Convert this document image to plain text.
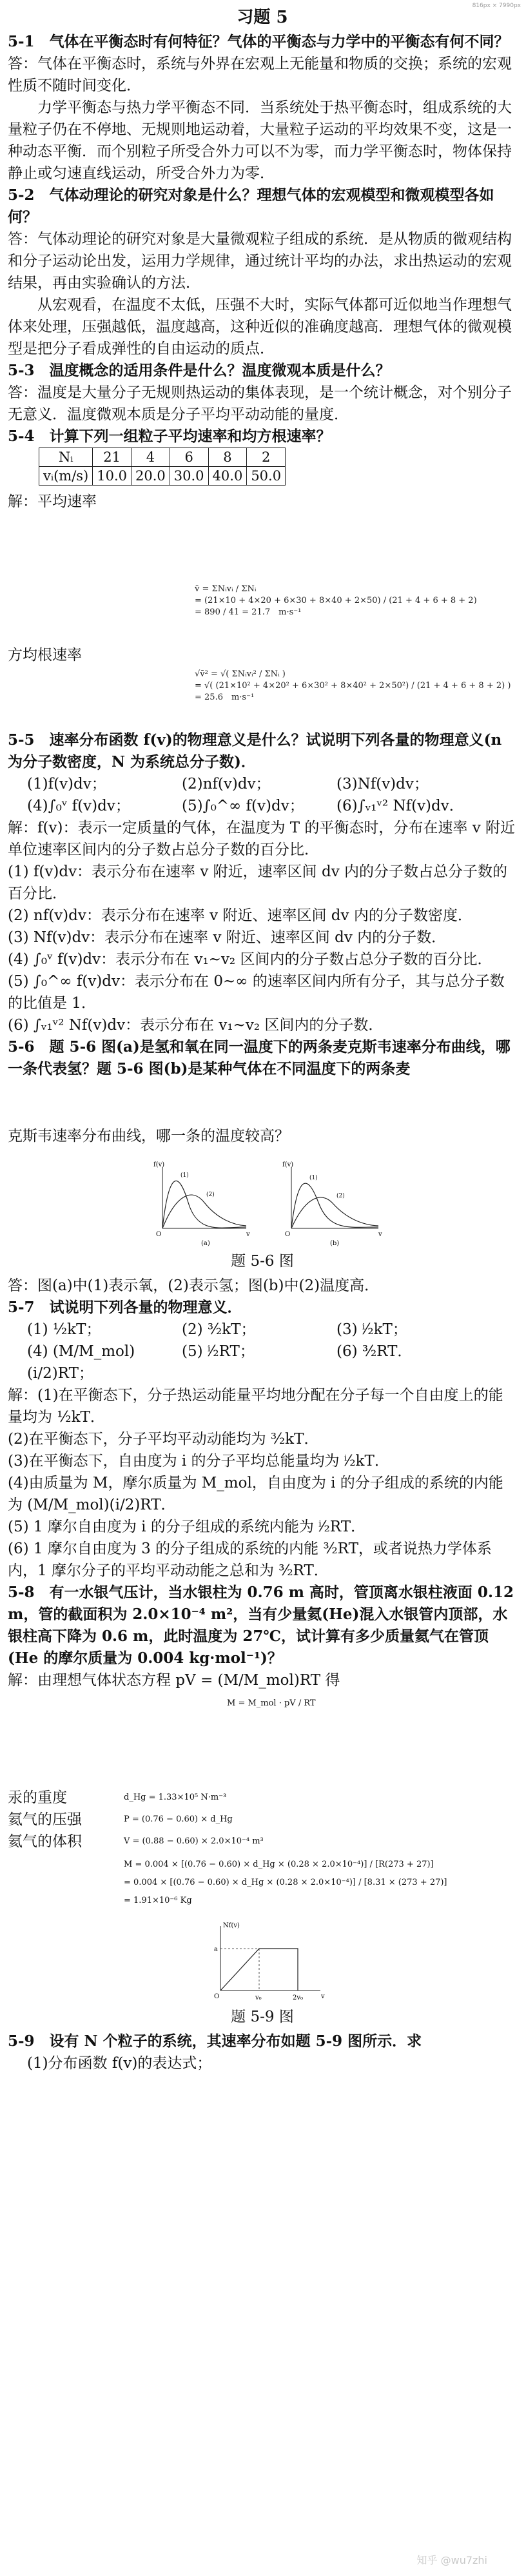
816px × 7990px
习题 5

5-1　气体在平衡态时有何特征？气体的平衡态与力学中的平衡态有何不同？

答：气体在平衡态时，系统与外界在宏观上无能量和物质的交换；系统的宏观性质不随时间变化．

力学平衡态与热力学平衡态不同．当系统处于热平衡态时，组成系统的大量粒子仍在不停地、无规则地运动着，大量粒子运动的平均效果不变，这是一种动态平衡．而个别粒子所受合外力可以不为零，而力学平衡态时，物体保持静止或匀速直线运动，所受合外力为零．

5-2　气体动理论的研究对象是什么？理想气体的宏观模型和微观模型各如何？

答：气体动理论的研究对象是大量微观粒子组成的系统．是从物质的微观结构和分子运动论出发，运用力学规律，通过统计平均的办法，求出热运动的宏观结果，再由实验确认的方法．

从宏观看，在温度不太低，压强不大时，实际气体都可近似地当作理想气体来处理，压强越低，温度越高，这种近似的准确度越高．理想气体的微观模型是把分子看成弹性的自由运动的质点．

5-3　温度概念的适用条件是什么？温度微观本质是什么？

答：温度是大量分子无规则热运动的集体表现，是一个统计概念，对个别分子无意义．温度微观本质是分子平均平动动能的量度．

5-4　计算下列一组粒子平均速率和均方根速率？

Nᵢ	21	4	6	8	2
vᵢ(m/s)	10.0	20.0	30.0	40.0	50.0

解：平均速率

v̄ = ΣNᵢvᵢ / ΣNᵢ
= (21×10 + 4×20 + 6×30 + 8×40 + 2×50) / (21 + 4 + 6 + 8 + 2)
= 890 / 41 = 21.7　m·s⁻¹

方均根速率

√v̄² = √( ΣNᵢvᵢ² / ΣNᵢ )
= √( (21×10² + 4×20² + 6×30² + 8×40² + 2×50²) / (21 + 4 + 6 + 8 + 2) )
= 25.6　m·s⁻¹

5-5　速率分布函数 f(v)的物理意义是什么？试说明下列各量的物理意义(n 为分子数密度，N 为系统总分子数)．

(1)f(v)dv；	(2)nf(v)dv；	(3)Nf(v)dv；
(4)∫₀ᵛ f(v)dv；	(5)∫₀^∞ f(v)dv；	(6)∫ᵥ₁ᵛ² Nf(v)dv．

解：f(v)：表示一定质量的气体，在温度为 T 的平衡态时，分布在速率 v 附近单位速率区间内的分子数占总分子数的百分比．

(1) f(v)dv：表示分布在速率 v 附近，速率区间 dv 内的分子数占总分子数的百分比．

(2) nf(v)dv：表示分布在速率 v 附近、速率区间 dv 内的分子数密度．

(3) Nf(v)dv：表示分布在速率 v 附近、速率区间 dv 内的分子数．

(4) ∫₀ᵛ f(v)dv：表示分布在 v₁~v₂ 区间内的分子数占总分子数的百分比．

(5) ∫₀^∞ f(v)dv：表示分布在 0~∞ 的速率区间内所有分子，其与总分子数的比值是 1．

(6) ∫ᵥ₁ᵛ² Nf(v)dv：表示分布在 v₁~v₂ 区间内的分子数．

5-6　题 5-6 图(a)是氢和氧在同一温度下的两条麦克斯韦速率分布曲线，哪一条代表氢？题 5-6 图(b)是某种气体在不同温度下的两条麦

克斯韦速率分布曲线，哪一条的温度较高？

f(v)
v
O
(1)
(2)
(a)
f(v)
v
O
(1)
(2)
(b)

题 5-6 图

答：图(a)中(1)表示氧，(2)表示氢；图(b)中(2)温度高．

5-7　试说明下列各量的物理意义．

(1) ½kT；	(2) ³⁄₂kT；	(3) ⁱ⁄₂kT；
(4) (M/M_mol)(i/2)RT；
(5) ⁱ⁄₂RT；	(6) ³⁄₂RT．

解：(1)在平衡态下，分子热运动能量平均地分配在分子每一个自由度上的能量均为 ½kT．

(2)在平衡态下，分子平均平动动能均为 ³⁄₂kT．

(3)在平衡态下，自由度为 i 的分子平均总能量均为 ⁱ⁄₂kT．

(4)由质量为 M，摩尔质量为 M_mol，自由度为 i 的分子组成的系统的内能为 (M/M_mol)(i/2)RT．

(5) 1 摩尔自由度为 i 的分子组成的系统内能为 ⁱ⁄₂RT．

(6) 1 摩尔自由度为 3 的分子组成的系统的内能 ³⁄₂RT，或者说热力学体系内，1 摩尔分子的平均平动动能之总和为 ³⁄₂RT．

5-8　有一水银气压计，当水银柱为 0.76 m 高时，管顶离水银柱液面 0.12 m，管的截面积为 2.0×10⁻⁴ m²，当有少量氦(He)混入水银管内顶部，水银柱高下降为 0.6 m，此时温度为 27℃，试计算有多少质量氦气在管顶(He 的摩尔质量为 0.004 kg·mol⁻¹)？

解：由理想气体状态方程 pV = (M/M_mol)RT 得

M = M_mol · pV / RT
汞的重度	d_Hg = 1.33×10⁵ N·m⁻³
氦气的压强	P = (0.76 − 0.60) × d_Hg
氦气的体积	V = (0.88 − 0.60) × 2.0×10⁻⁴ m³
M = 0.004 × [(0.76 − 0.60) × d_Hg × (0.28 × 2.0×10⁻⁴)] / [R(273 + 27)]
= 0.004 × [(0.76 − 0.60) × d_Hg × (0.28 × 2.0×10⁻⁴)] / [8.31 × (273 + 27)]
= 1.91×10⁻⁶ Kg
Nf(v)
v
O
a
v₀	2v₀

题 5-9 图

5-9　设有 N 个粒子的系统，其速率分布如题 5-9 图所示．求

(1)分布函数 f(v)的表达式；

知乎 @wu7zhi
